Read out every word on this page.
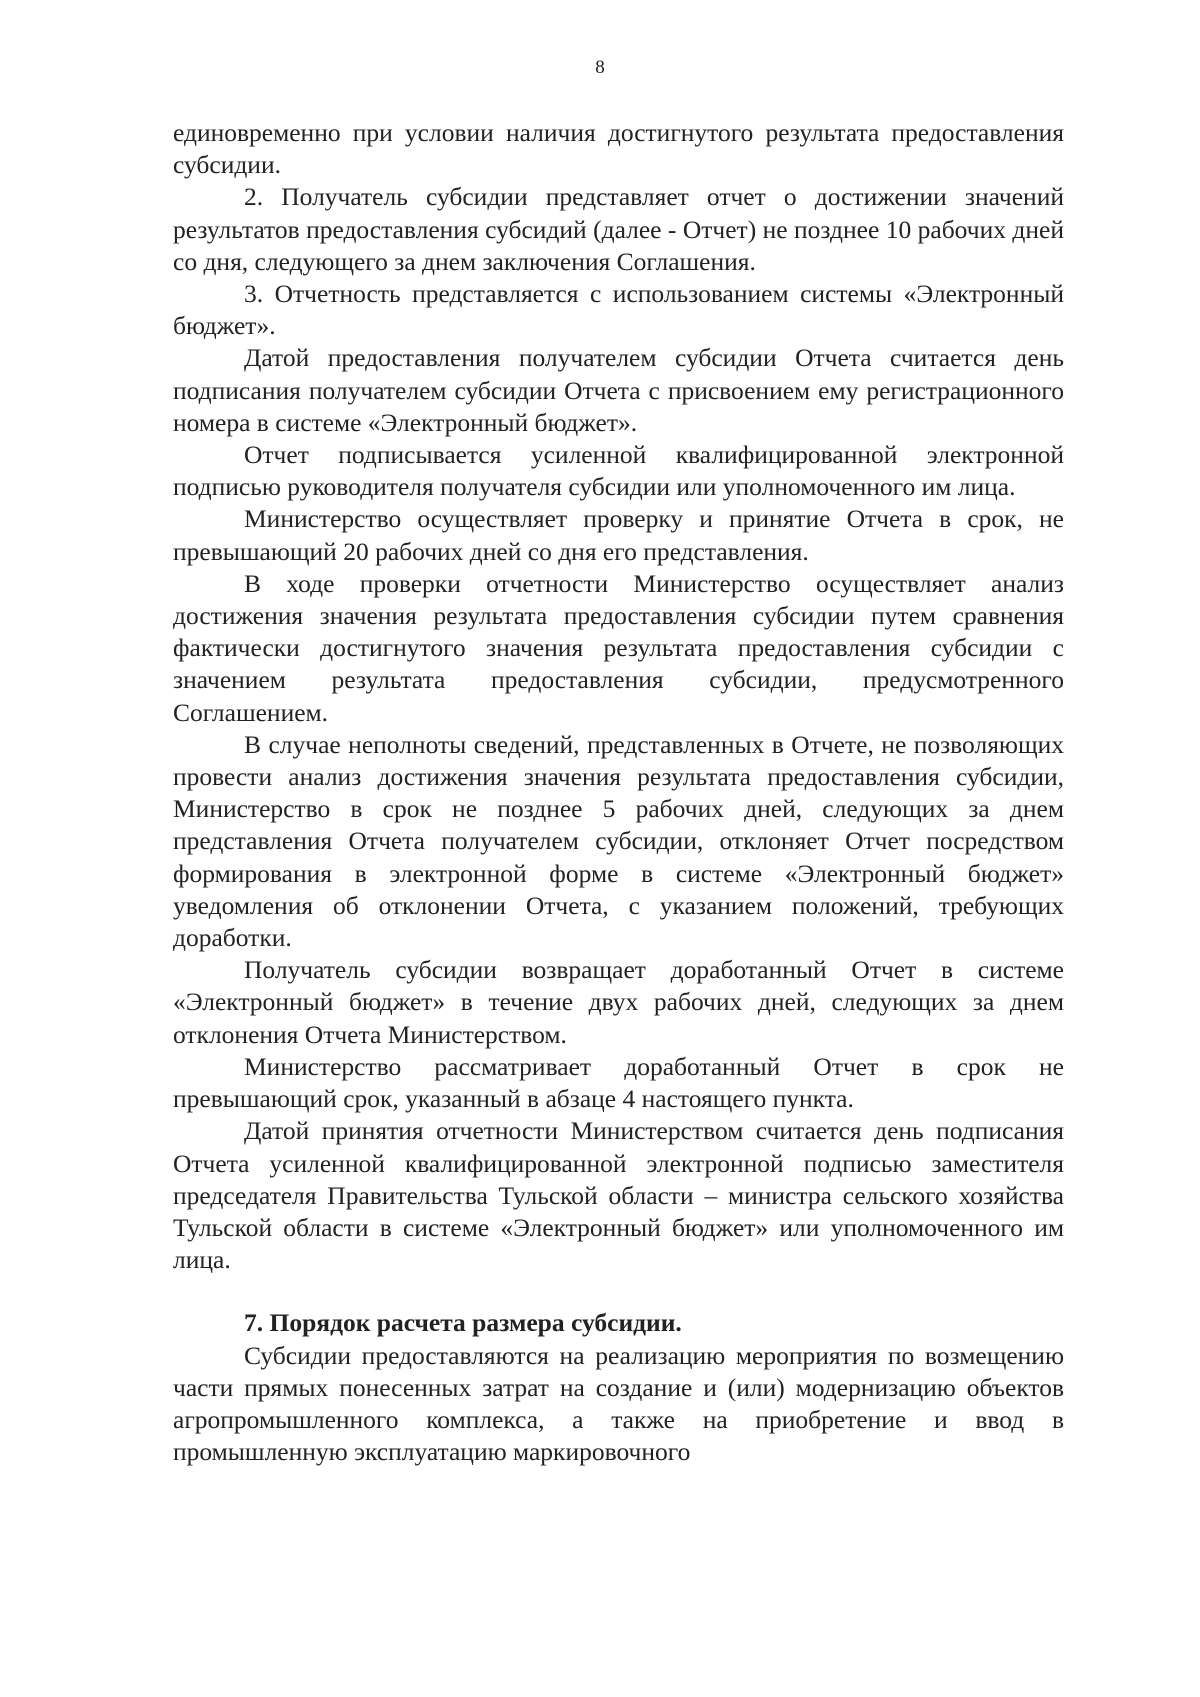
8

единовременно при условии наличия достигнутого результата предоставления субсидии.

2. Получатель субсидии представляет отчет о достижении значений результатов предоставления субсидий (далее - Отчет) не позднее 10 рабочих дней со дня, следующего за днем заключения Соглашения.

3. Отчетность представляется с использованием системы «Электронный бюджет».

Датой предоставления получателем субсидии Отчета считается день подписания получателем субсидии Отчета с присвоением ему регистрационного номера в системе «Электронный бюджет».

Отчет подписывается усиленной квалифицированной электронной подписью руководителя получателя субсидии или уполномоченного им лица.

Министерство осуществляет проверку и принятие Отчета в срок, не превышающий 20 рабочих дней со дня его представления.

В ходе проверки отчетности Министерство осуществляет анализ достижения значения результата предоставления субсидии путем сравнения фактически достигнутого значения результата предоставления субсидии с значением результата предоставления субсидии, предусмотренного Соглашением.

В случае неполноты сведений, представленных в Отчете, не позволяющих провести анализ достижения значения результата предоставления субсидии, Министерство в срок не позднее 5 рабочих дней, следующих за днем представления Отчета получателем субсидии, отклоняет Отчет посредством формирования в электронной форме в системе «Электронный бюджет» уведомления об отклонении Отчета, с указанием положений, требующих доработки.

Получатель субсидии возвращает доработанный Отчет в системе «Электронный бюджет» в течение двух рабочих дней, следующих за днем отклонения Отчета Министерством.

Министерство рассматривает доработанный Отчет в срок не превышающий срок, указанный в абзаце 4 настоящего пункта.

Датой принятия отчетности Министерством считается день подписания Отчета усиленной квалифицированной электронной подписью заместителя председателя Правительства Тульской области – министра сельского хозяйства Тульской области в системе «Электронный бюджет» или уполномоченного им лица.

7. Порядок расчета размера субсидии.

Субсидии предоставляются на реализацию мероприятия по возмещению части прямых понесенных затрат на создание и (или) модернизацию объектов агропромышленного комплекса, а также на приобретение и ввод в промышленную эксплуатацию маркировочного
